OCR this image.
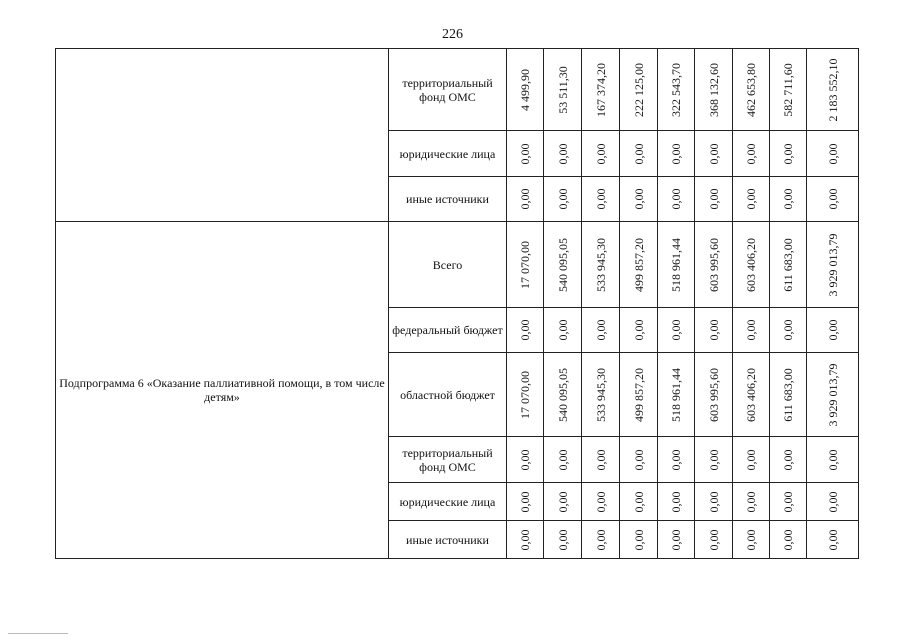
226
	территориальный фонд ОМС	4 499,90	53 511,30	167 374,20	222 125,00	322 543,70	368 132,60	462 653,80	582 711,60	2 183 552,10

	юридические лица	0,00	0,00	0,00	0,00	0,00	0,00	0,00	0,00	0,00

	иные источники	0,00	0,00	0,00	0,00	0,00	0,00	0,00	0,00	0,00

Подпрограмма 6 «Оказание паллиативной помощи, в том числе детям»	Всего	17 070,00	540 095,05	533 945,30	499 857,20	518 961,44	603 995,60	603 406,20	611 683,00	3 929 013,79

	федеральный бюджет	0,00	0,00	0,00	0,00	0,00	0,00	0,00	0,00	0,00

	областной бюджет	17 070,00	540 095,05	533 945,30	499 857,20	518 961,44	603 995,60	603 406,20	611 683,00	3 929 013,79

	территориальный фонд ОМС	0,00	0,00	0,00	0,00	0,00	0,00	0,00	0,00	0,00

	юридические лица	0,00	0,00	0,00	0,00	0,00	0,00	0,00	0,00	0,00

	иные источники	0,00	0,00	0,00	0,00	0,00	0,00	0,00	0,00	0,00
